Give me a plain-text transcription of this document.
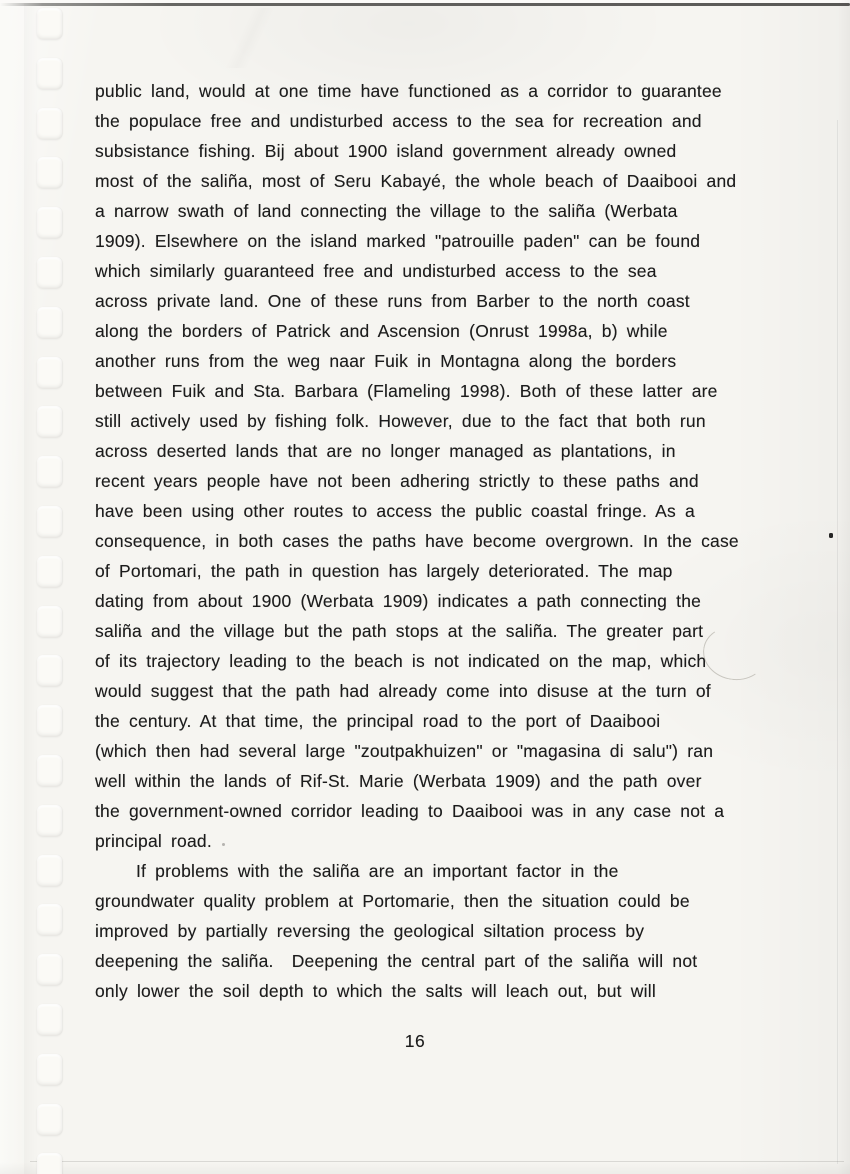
public land, would at one time have functioned as a corridor to guarantee
the populace free and undisturbed access to the sea for recreation and
subsistance fishing. Bij about 1900 island government already owned
most of the saliña, most of Seru Kabayé, the whole beach of Daaibooi and
a narrow swath of land connecting the village to the saliña (Werbata
1909). Elsewhere on the island marked "patrouille paden" can be found
which similarly guaranteed free and undisturbed access to the sea
across private land. One of these runs from Barber to the north coast
along the borders of Patrick and Ascension (Onrust 1998a, b) while
another runs from the weg naar Fuik in Montagna along the borders
between Fuik and Sta. Barbara (Flameling 1998). Both of these latter are
still actively used by fishing folk. However, due to the fact that both run
across deserted lands that are no longer managed as plantations, in
recent years people have not been adhering strictly to these paths and
have been using other routes to access the public coastal fringe. As a
consequence, in both cases the paths have become overgrown. In the case
of Portomari, the path in question has largely deteriorated. The map
dating from about 1900 (Werbata 1909) indicates a path connecting the
saliña and the village but the path stops at the saliña. The greater part
of its trajectory leading to the beach is not indicated on the map, which
would suggest that the path had already come into disuse at the turn of
the century. At that time, the principal road to the port of Daaibooi
(which then had several large "zoutpakhuizen" or "magasina di salu") ran
well within the lands of Rif-St. Marie (Werbata 1909) and the path over
the government-owned corridor leading to Daaibooi was in any case not a
principal road.
If problems with the saliña are an important factor in the
groundwater quality problem at Portomarie, then the situation could be
improved by partially reversing the geological siltation process by
deepening the saliña.  Deepening the central part of the saliña will not
only lower the soil depth to which the salts will leach out, but will
16
